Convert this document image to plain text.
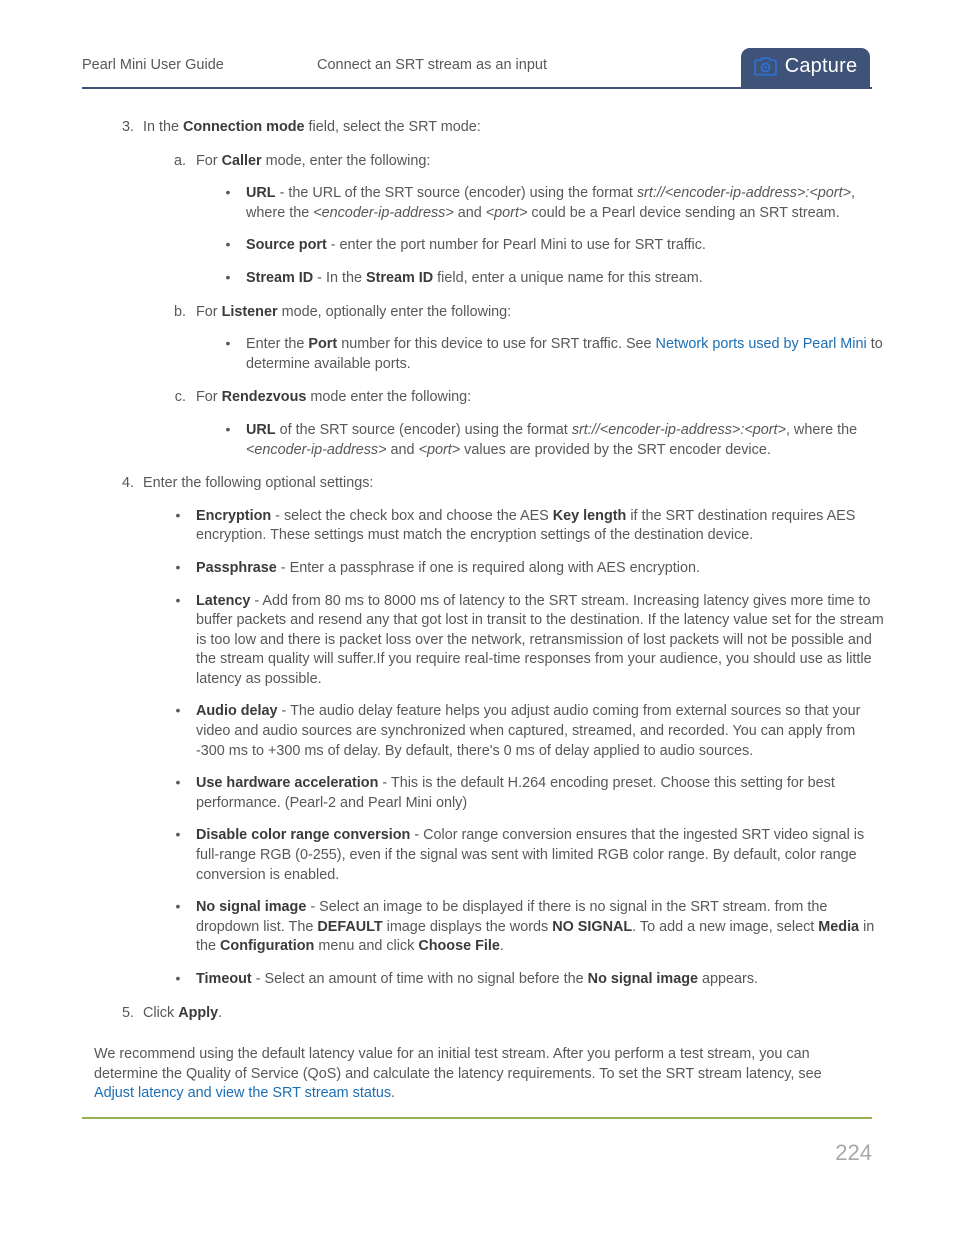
Pearl Mini User Guide	Connect an SRT stream as an input	Capture
3. In the Connection mode field, select the SRT mode:
a. For Caller mode, enter the following:
• URL - the URL of the SRT source (encoder) using the format srt://<encoder-ip-address>:<port>, where the <encoder-ip-address> and <port> could be a Pearl device sending an SRT stream.
• Source port - enter the port number for Pearl Mini to use for SRT traffic.
• Stream ID - In the Stream ID field, enter a unique name for this stream.
b. For Listener mode, optionally enter the following:
• Enter the Port number for this device to use for SRT traffic. See Network ports used by Pearl Mini to determine available ports.
c. For Rendezvous mode enter the following:
• URL of the SRT source (encoder) using the format srt://<encoder-ip-address>:<port>, where the <encoder-ip-address> and <port> values are provided by the SRT encoder device.
4. Enter the following optional settings:
• Encryption - select the check box and choose the AES Key length if the SRT destination requires AES encryption. These settings must match the encryption settings of the destination device.
• Passphrase - Enter a passphrase if one is required along with AES encryption.
• Latency - Add from 80 ms to 8000 ms of latency to the SRT stream. Increasing latency gives more time to buffer packets and resend any that got lost in transit to the destination. If the latency value set for the stream is too low and there is packet loss over the network, retransmission of lost packets will not be possible and the stream quality will suffer.If you require real-time responses from your audience, you should use as little latency as possible.
• Audio delay - The audio delay feature helps you adjust audio coming from external sources so that your video and audio sources are synchronized when captured, streamed, and recorded. You can apply from -300 ms to +300 ms of delay. By default, there's 0 ms of delay applied to audio sources.
• Use hardware acceleration - This is the default H.264 encoding preset. Choose this setting for best performance. (Pearl-2 and Pearl Mini only)
• Disable color range conversion - Color range conversion ensures that the ingested SRT video signal is full-range RGB (0-255), even if the signal was sent with limited RGB color range. By default, color range conversion is enabled.
• No signal image - Select an image to be displayed if there is no signal in the SRT stream. from the dropdown list. The DEFAULT image displays the words NO SIGNAL. To add a new image, select Media in the Configuration menu and click Choose File.
• Timeout - Select an amount of time with no signal before the No signal image appears.
5. Click Apply.
We recommend using the default latency value for an initial test stream. After you perform a test stream, you can determine the Quality of Service (QoS) and calculate the latency requirements. To set the SRT stream latency, see Adjust latency and view the SRT stream status.
224
